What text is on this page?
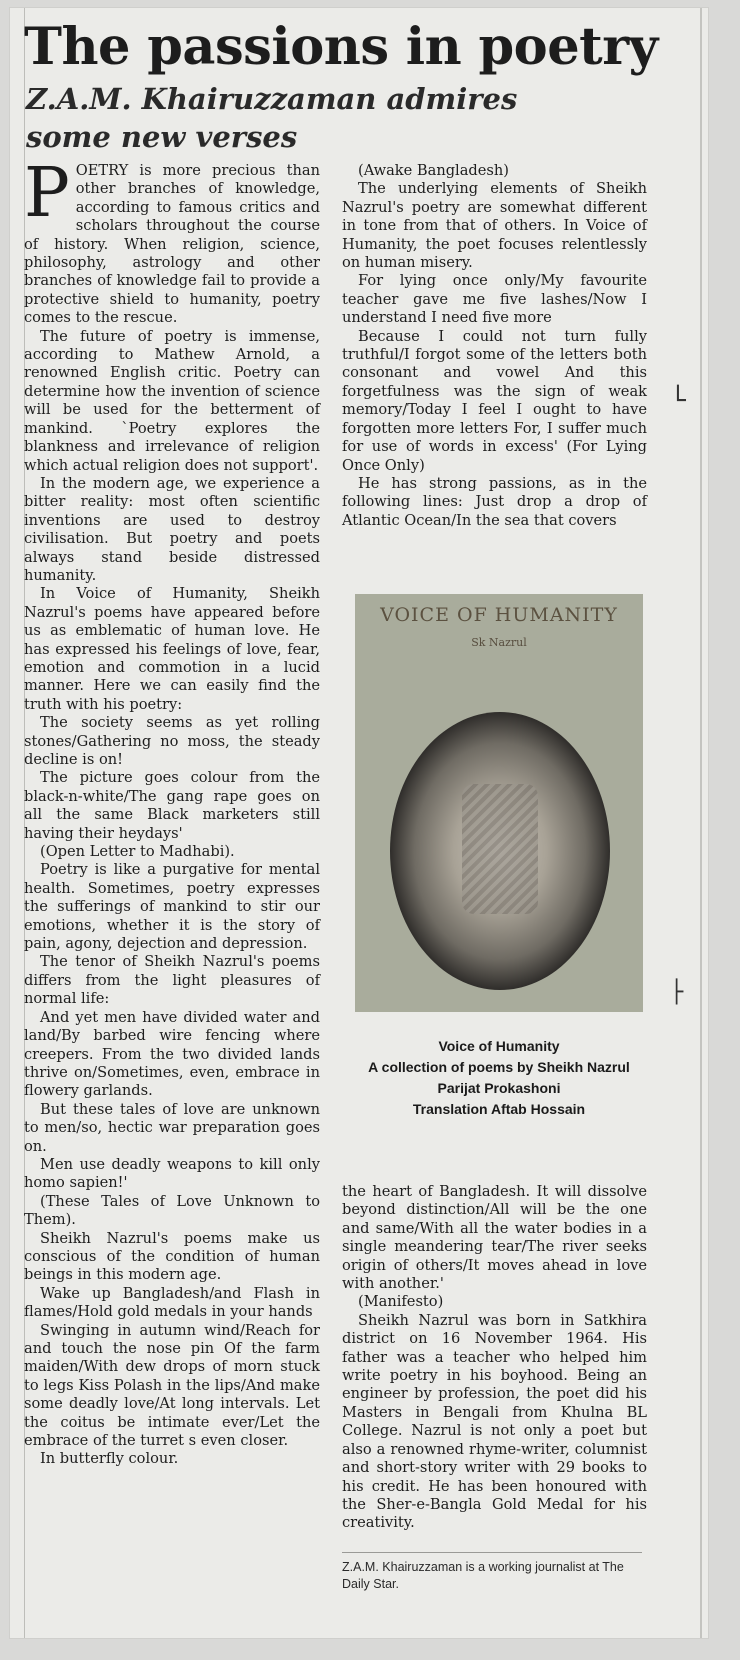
The passions in poetry
Z.A.M. Khairuzzaman admires some new verses

POETRY is more precious than other branches of knowledge, according to famous critics and scholars throughout the course of history. When religion, science, philosophy, astrology and other branches of knowledge fail to provide a protective shield to humanity, poetry comes to the rescue.

The future of poetry is immense, according to Mathew Arnold, a renowned English critic. Poetry can determine how the invention of science will be used for the betterment of mankind. `Poetry explores the blankness and irrelevance of religion which actual religion does not support'.

In the modern age, we experience a bitter reality: most often scientific inventions are used to destroy civilisation. But poetry and poets always stand beside distressed humanity.

In Voice of Humanity, Sheikh Nazrul's poems have appeared before us as emblematic of human love. He has expressed his feelings of love, fear, emotion and commotion in a lucid manner. Here we can easily find the truth with his poetry:

The society seems as yet rolling stones/Gathering no moss, the steady decline is on!

The picture goes colour from the black-n-white/The gang rape goes on all the same Black marketers still having their heydays'

(Open Letter to Madhabi).

Poetry is like a purgative for mental health. Sometimes, poetry expresses the sufferings of mankind to stir our emotions, whether it is the story of pain, agony, dejection and depression.

The tenor of Sheikh Nazrul's poems differs from the light pleasures of normal life:

And yet men have divided water and land/By barbed wire fencing where creepers. From the two divided lands thrive on/Sometimes, even, embrace in flowery garlands.

But these tales of love are unknown to men/so, hectic war preparation goes on.

Men use deadly weapons to kill only homo sapien!'

(These Tales of Love Unknown to Them).

Sheikh Nazrul's poems make us conscious of the condition of human beings in this modern age.

Wake up Bangladesh/and Flash in flames/Hold gold medals in your hands

Swinging in autumn wind/Reach for and touch the nose pin Of the farm maiden/With dew drops of morn stuck to legs Kiss Polash in the lips/And make some deadly love/At long intervals. Let the coitus be intimate ever/Let the embrace of the turret s even closer.

In butterfly colour.

(Awake Bangladesh)

The underlying elements of Sheikh Nazrul's poetry are somewhat different in tone from that of others. In Voice of Humanity, the poet focuses relentlessly on human misery.

For lying once only/My favourite teacher gave me five lashes/Now I understand I need five more

Because I could not turn fully truthful/I forgot some of the letters both consonant and vowel And this forgetfulness was the sign of weak memory/Today I feel I ought to have forgotten more letters For, I suffer much for use of words in excess' (For Lying Once Only)

He has strong passions, as in the following lines: Just drop a drop of Atlantic Ocean/In the sea that covers

VOICE OF HUMANITY
Sk Nazrul
Voice of Humanity
A collection of poems by Sheikh Nazrul
Parijat Prokashoni
Translation Aftab Hossain

the heart of Bangladesh. It will dissolve beyond distinction/All will be the one and same/With all the water bodies in a single meandering tear/The river seeks origin of others/It moves ahead in love with another.'

(Manifesto)

Sheikh Nazrul was born in Satkhira district on 16 November 1964. His father was a teacher who helped him write poetry in his boyhood. Being an engineer by profession, the poet did his Masters in Bengali from Khulna BL College. Nazrul is not only a poet but also a renowned rhyme-writer, columnist and short-story writer with 29 books to his credit. He has been honoured with the Sher-e-Bangla Gold Medal for his creativity.

Z.A.M. Khairuzzaman is a working journalist at The Daily Star.
└
├
